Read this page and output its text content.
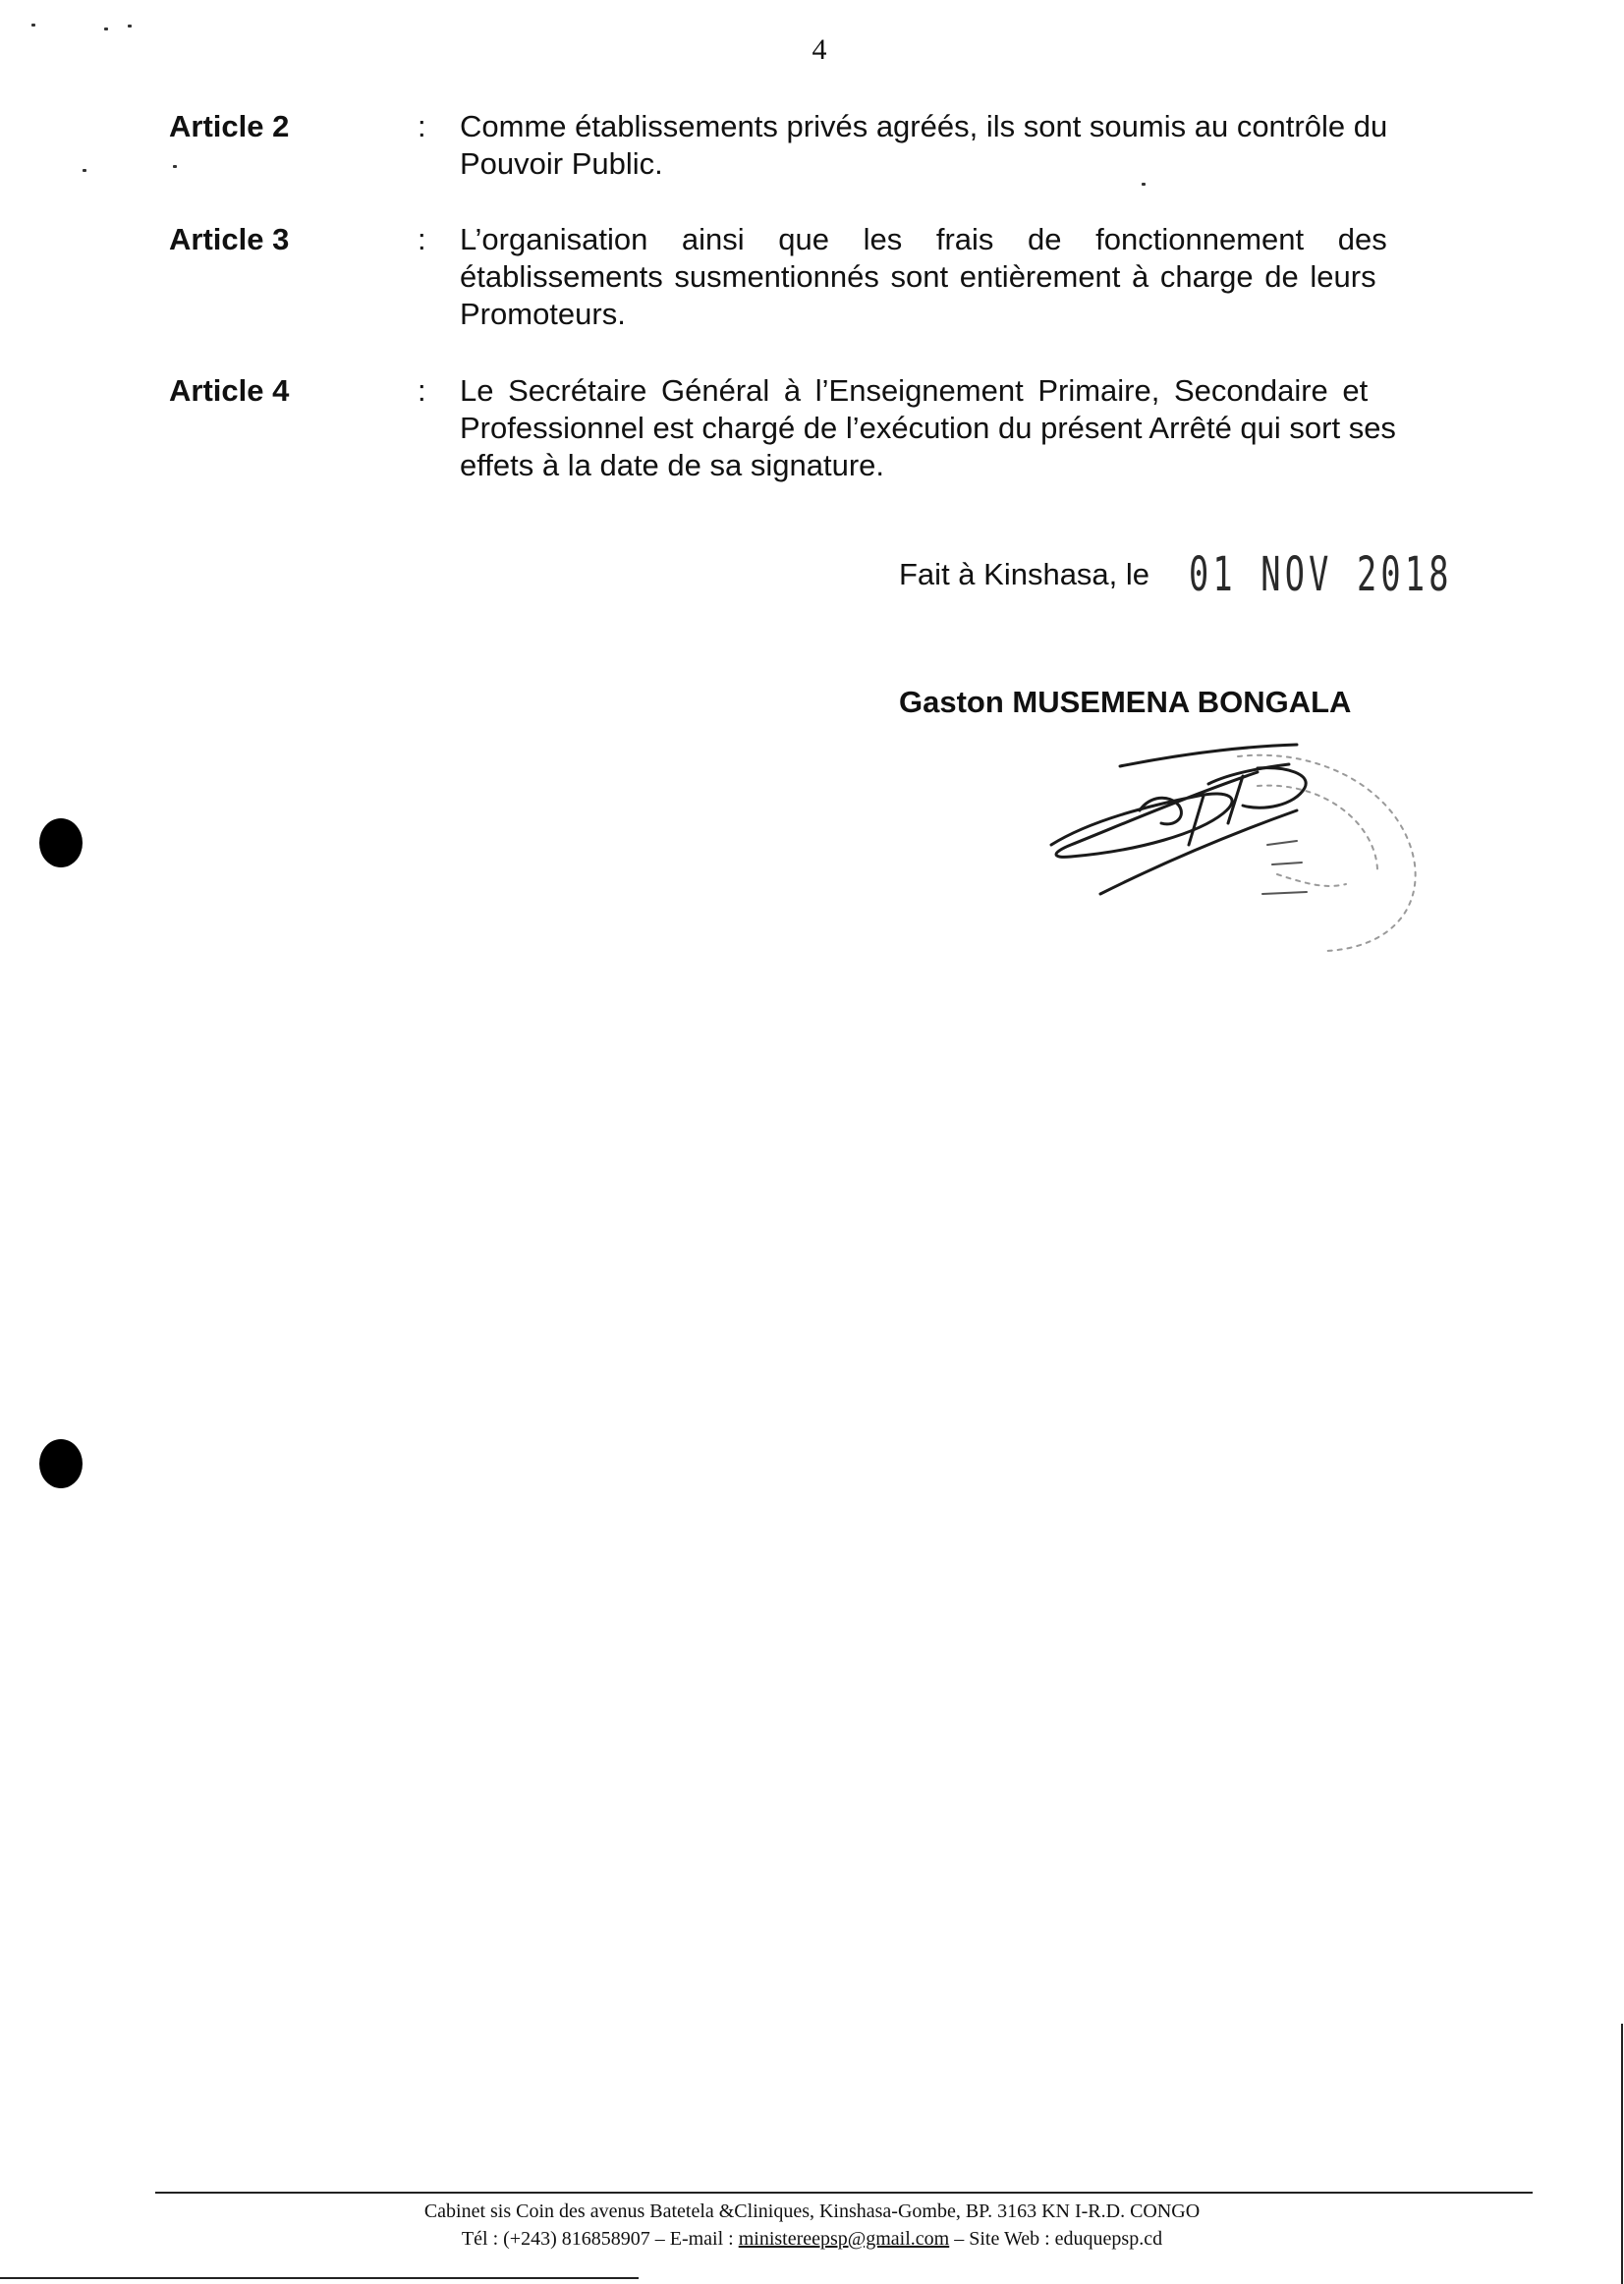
4
Article 2	: Comme établissements privés agréés, ils sont soumis au contrôle du
Pouvoir Public.
Article 3	: L’organisation ainsi que les frais de fonctionnement des
établissements susmentionnés sont entièrement à charge de leurs
Promoteurs.
Article 4	: Le Secrétaire Général à l’Enseignement Primaire, Secondaire et
Professionnel est chargé de l’exécution du présent Arrêté qui sort ses
effets à la date de sa signature.
Fait à Kinshasa, le 01 NOV 2018
Gaston MUSEMENA BONGALA
Cabinet sis Coin des avenus Batetela &Cliniques, Kinshasa-Gombe, BP. 3163 KN I-R.D. CONGO
Tél : (+243) 816858907 – E-mail : ministereepsp@gmail.com – Site Web : eduquepsp.cd
